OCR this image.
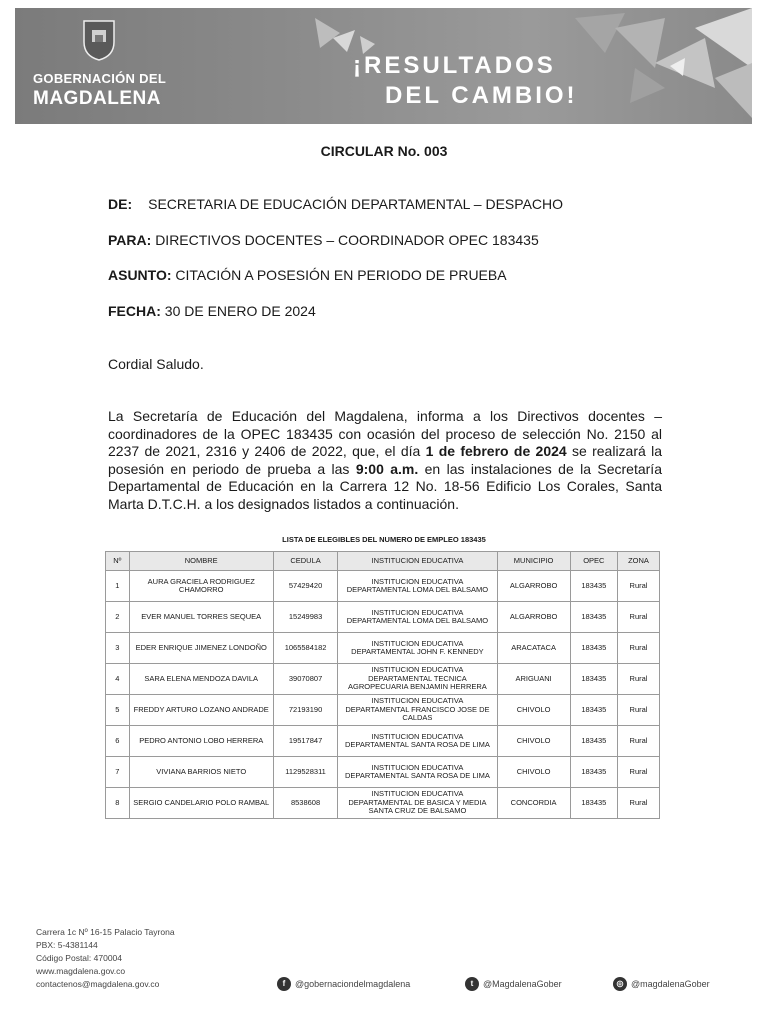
GOBERNACIÓN DEL
MAGDALENA
¡RESULTADOS
DEL CAMBIO!
CIRCULAR No. 003
DE: SECRETARIA DE EDUCACIÓN DEPARTAMENTAL – DESPACHO
PARA: DIRECTIVOS DOCENTES – COORDINADOR OPEC 183435
ASUNTO: CITACIÓN A POSESIÓN EN PERIODO DE PRUEBA
FECHA: 30 DE ENERO DE 2024
Cordial Saludo.
La Secretaría de Educación del Magdalena, informa a los Directivos docentes – coordinadores de la OPEC 183435 con ocasión del proceso de selección No. 2150 al 2237 de 2021, 2316 y 2406 de 2022, que, el día 1 de febrero de 2024 se realizará la posesión en periodo de prueba a las 9:00 a.m. en las instalaciones de la Secretaría Departamental de Educación en la Carrera 12 No. 18-56 Edificio Los Corales, Santa Marta D.T.C.H. a los designados listados a continuación.
LISTA DE ELEGIBLES DEL NUMERO DE EMPLEO 183435
Nº	NOMBRE	CEDULA	INSTITUCION EDUCATIVA	MUNICIPIO	OPEC	ZONA
1	AURA GRACIELA RODRIGUEZ CHAMORRO	57429420	INSTITUCION EDUCATIVA DEPARTAMENTAL LOMA DEL BALSAMO	ALGARROBO	183435	Rural
2	EVER MANUEL TORRES SEQUEA	15249983	INSTITUCION EDUCATIVA DEPARTAMENTAL LOMA DEL BALSAMO	ALGARROBO	183435	Rural
3	EDER ENRIQUE JIMENEZ LONDOÑO	1065584182	INSTITUCION EDUCATIVA DEPARTAMENTAL JOHN F. KENNEDY	ARACATACA	183435	Rural
4	SARA ELENA MENDOZA DAVILA	39070807	INSTITUCION EDUCATIVA DEPARTAMENTAL TECNICA AGROPECUARIA BENJAMIN HERRERA	ARIGUANI	183435	Rural
5	FREDDY ARTURO LOZANO ANDRADE	72193190	INSTITUCION EDUCATIVA DEPARTAMENTAL FRANCISCO JOSE DE CALDAS	CHIVOLO	183435	Rural
6	PEDRO ANTONIO LOBO HERRERA	19517847	INSTITUCION EDUCATIVA DEPARTAMENTAL SANTA ROSA DE LIMA	CHIVOLO	183435	Rural
7	VIVIANA BARRIOS NIETO	1129528311	INSTITUCION EDUCATIVA DEPARTAMENTAL SANTA ROSA DE LIMA	CHIVOLO	183435	Rural
8	SERGIO CANDELARIO POLO RAMBAL	8538608	INSTITUCION EDUCATIVA DEPARTAMENTAL DE BASICA Y MEDIA SANTA CRUZ DE BALSAMO	CONCORDIA	183435	Rural
Carrera 1c Nº 16-15 Palacio Tayrona
PBX: 5-4381144
Código Postal: 470004
www.magdalena.gov.co
contactenos@magdalena.gov.co	f	@gobernaciondelmagdalena	t	@MagdalenaGober	◎ @magdalenaGober
